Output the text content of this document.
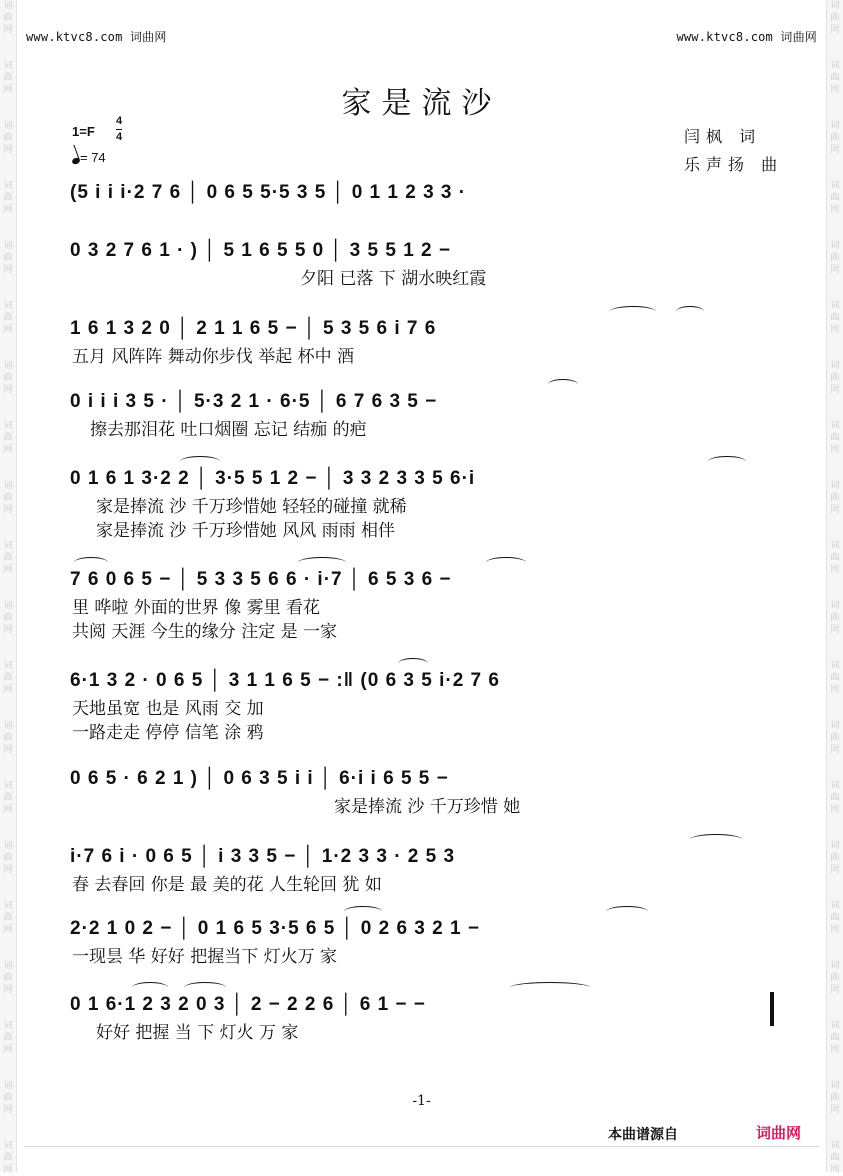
词
曲
网
词
曲
网
词
曲
网
词
曲
网
词
曲
网
词
曲
网
词
曲
网
词
曲
网
词
曲
网
词
曲
网
词
曲
网
词
曲
网
词
曲
网
词
曲
网
词
曲
网
词
曲
网
词
曲
网
词
曲
网
词
曲
网
词
曲
网
词
曲
网
词
曲
网
词
曲
网
词
曲
网
词
曲
网
词
曲
网
词
曲
网
词
曲
网
词
曲
网
词
曲
网
词
曲
网
词
曲
网
词
曲
网
词
曲
网
词
曲
网
词
曲
网
词
曲
网
词
曲
网
词
曲
网
词
曲
网
www.ktvc8.com 词曲网	www.ktvc8.com 词曲网
家是流沙
1=F
4
4
= 74
闫枫 词
乐声扬 曲
(5 i i i·2 7 6 │ 0 6 5 5·5 3 5 │ 0 1 1 2 3 3 ·
0 3 2 7 6 1 · ) │ 5 1 6 5 5 0 │ 3 5 5 1 2 −
夕阳 已落 下 湖水映红霞
1 6 1 3 2 0 │ 2 1 1 6 5 − │ 5 3 5 6 i 7 6
五月 风阵阵 舞动你步伐 举起 杯中 酒
0 i i i 3 5 · │ 5·3 2 1 · 6·5 │ 6 7 6 3 5 −
擦去那泪花 吐口烟圈 忘记 结痂 的疤
0 1 6 1 3·2 2 │ 3·5 5 1 2 − │ 3 3 2 3 3 5 6·i
家是捧流 沙 千万珍惜她 轻轻的碰撞 就稀
家是捧流 沙 千万珍惜她 风风 雨雨 相伴
7 6 0 6 5 − │ 5 3 3 5 6 6 · i·7 │ 6 5 3 6 −
里 哗啦 外面的世界 像 雾里 看花
共阅 天涯 今生的缘分 注定 是 一家
6·1 3 2 · 0 6 5 │ 3 1 1 6 5 − :‖ (0 6 3 5 i·2 7 6
天地虽宽 也是 风雨 交 加
一路走走 停停 信笔 涂 鸦
0 6 5 · 6 2 1 ) │ 0 6 3 5 i i │ 6·i i 6 5 5 −
家是捧流 沙 千万珍惜 她
i·7 6 i · 0 6 5 │ i 3 3 5 − │ 1·2 3 3 · 2 5 3
春 去春回 你是 最 美的花 人生轮回 犹 如
2·2 1 0 2 − │ 0 1 6 5 3·5 6 5 │ 0 2 6 3 2 1 −
一现昙 华 好好 把握当下 灯火万 家
0 1 6·1 2 3 2 0 3 │ 2 − 2 2 6 │ 6 1 − −
好好 把握 当 下 灯火 万 家
-1-
本曲谱源自	词曲网
